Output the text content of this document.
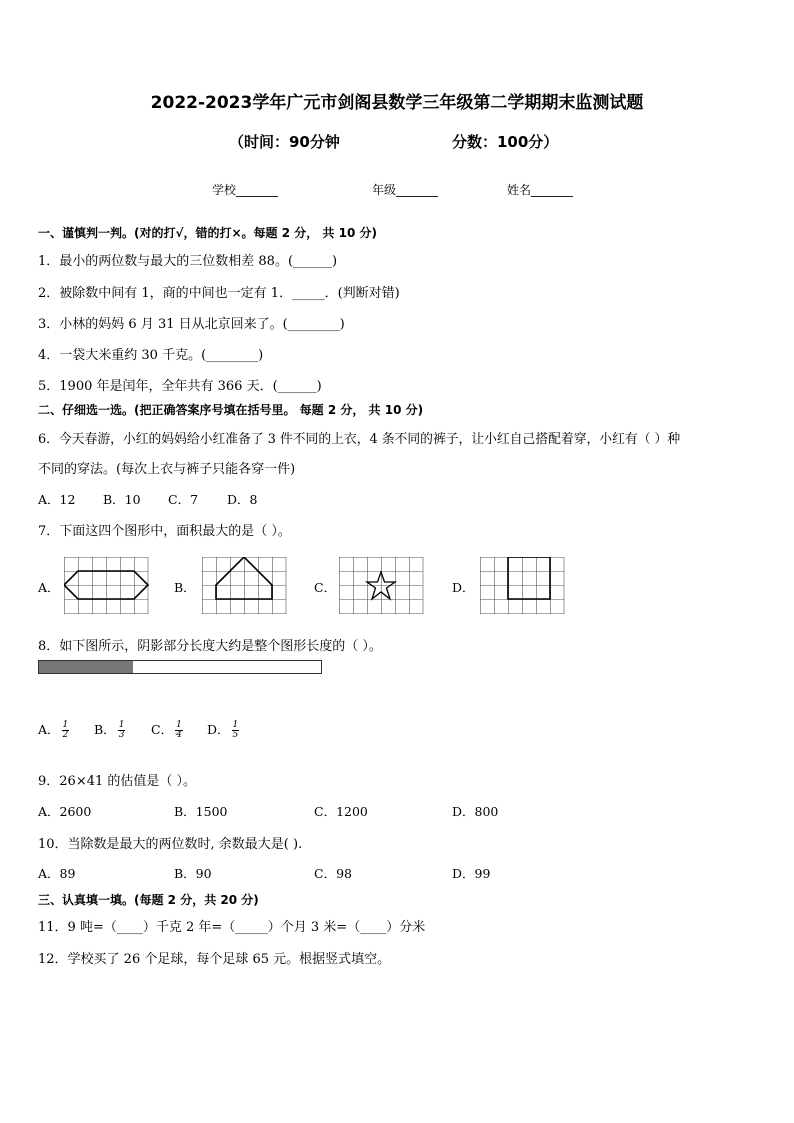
2022-2023学年广元市剑阁县数学三年级第二学期期末监测试题
（时间：90分钟	分数：100分）
学校_______	年级_______	姓名_______
一、谨慎判一判。(对的打√，错的打×。每题 2 分， 共 10 分)
1．最小的两位数与最大的三位数相差 88。(______)
2．被除数中间有 1，商的中间也一定有 1．_____．(判断对错)
3．小林的妈妈 6 月 31 日从北京回来了。(________)
4．一袋大米重约 30 千克。(________)
5．1900 年是闰年，全年共有 366 天．(______)
二、仔细选一选。(把正确答案序号填在括号里。 每题 2 分， 共 10 分)
6．今天春游，小红的妈妈给小红准备了 3 件不同的上衣，4 条不同的裤子，让小红自己搭配着穿，小红有（ ）种
不同的穿法。(每次上衣与裤子只能各穿一件)
A．12 B．10 C．7 D．8
7．下面这四个图形中，面积最大的是（ ）。
A．	B．	C．	D．
8．如下图所示，阴影部分长度大约是整个图形长度的（ ）。
A． $\frac{1}{2}$ B． $\frac{1}{3}$ C． $\frac{1}{4}$ D． $\frac{1}{5}$
9．26×41 的估值是（ ）。
A．2600	B．1500	C．1200	D．800
10．当除数是最大的两位数时, 余数最大是( ).
A．89	B．90	C．98	D．99
三、认真填一填。(每题 2 分，共 20 分)
11．9 吨=（____）千克 2 年=（_____）个月 3 米=（____）分米
12．学校买了 26 个足球，每个足球 65 元。根据竖式填空。
